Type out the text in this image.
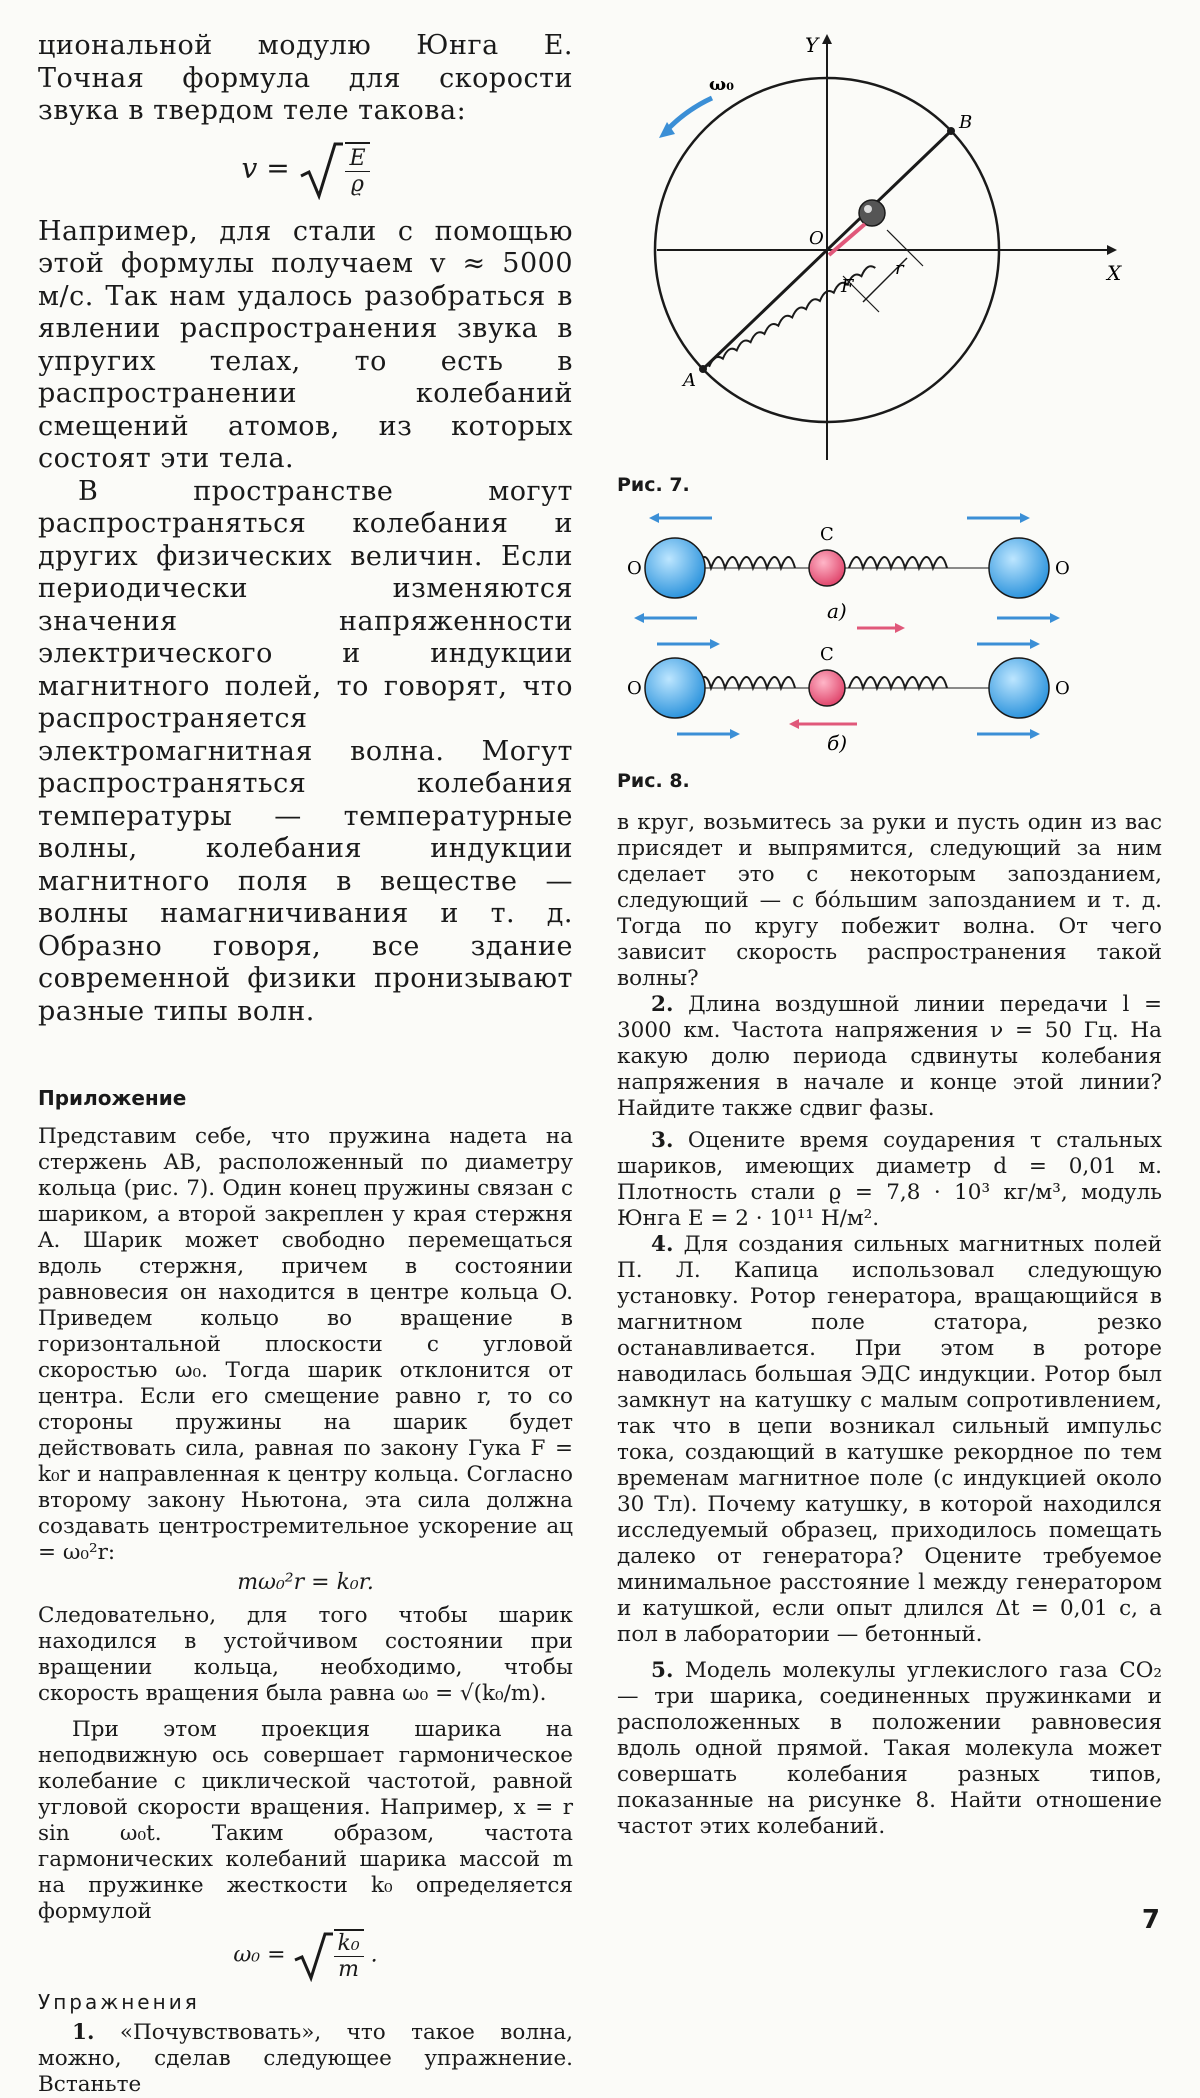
циональной модулю Юнга E. Точная формула для скорости звука в твердом теле такова:

v =	$\frac{E}{ϱ}$

Например, для стали с помощью этой формулы получаем v ≈ 5000 м/с. Так нам удалось разобраться в явлении распространения звука в упругих телах, то есть в распространении колебаний смещений атомов, из которых состоят эти тела.

В пространстве могут распространяться колебания и других физических величин. Если периодически изменяются значения напряженности электрического и индукции магнитного полей, то говорят, что распространяется электромагнитная волна. Могут распространяться колебания температуры — температурные волны, колебания индукции магнитного поля в веществе — волны намагничивания и т. д. Образно говоря, все здание современной физики пронизывают разные типы волн.

Приложение

Представим себе, что пружина надета на стержень AB, расположенный по диаметру кольца (рис. 7). Один конец пружины связан с шариком, а второй закреплен у края стержня A. Шарик может свободно перемещаться вдоль стержня, причем в состоянии равновесия он находится в центре кольца O. Приведем кольцо во вращение в горизонтальной плоскости с угловой скоростью ω₀. Тогда шарик отклонится от центра. Если его смещение равно r, то со стороны пружины на шарик будет действовать сила, равная по закону Гука F = k₀r и направленная к центру кольца. Согласно второму закону Ньютона, эта сила должна создавать центростремительное ускорение aц = ω₀²r:

mω₀²r = k₀r.

Следовательно, для того чтобы шарик находился в устойчивом состоянии при вращении кольца, необходимо, чтобы скорость вращения была равна ω₀ = √(k₀/m).

При этом проекция шарика на неподвижную ось совершает гармоническое колебание с циклической частотой, равной угловой скорости вращения. Например, x = r sin ω₀t. Таким образом, частота гармонических колебаний шарика массой m на пружинке жесткости k₀ определяется формулой

$\omega_0 = \frac{\text{k₀}}{m}$ .
Упражнения

1. «Почувствовать», что такое волна, можно, сделав следующее упражнение. Встаньте

Y
X
B
A
O
F
r
ω₀

Рис. 7.

O	O
C
а)
O	O
C
б)

Рис. 8.

в круг, возьмитесь за руки и пусть один из вас присядет и выпрямится, следующий за ним сделает это с некоторым запозданием, следующий — с бóльшим запозданием и т. д. Тогда по кругу побежит волна. От чего зависит скорость распространения такой волны?

2. Длина воздушной линии передачи l = 3000 км. Частота напряжения ν = 50 Гц. На какую долю периода сдвинуты колебания напряжения в начале и конце этой линии? Найдите также сдвиг фазы.

3. Оцените время соударения τ стальных шариков, имеющих диаметр d = 0,01 м. Плотность стали ϱ = 7,8 · 10³ кг/м³, модуль Юнга E = 2 · 10¹¹ Н/м².

4. Для создания сильных магнитных полей П. Л. Капица использовал следующую установку. Ротор генератора, вращающийся в магнитном поле статора, резко останавливается. При этом в роторе наводилась большая ЭДС индукции. Ротор был замкнут на катушку с малым сопротивлением, так что в цепи возникал сильный импульс тока, создающий в катушке рекордное по тем временам магнитное поле (с индукцией около 30 Тл). Почему катушку, в которой находился исследуемый образец, приходилось помещать далеко от генератора? Оцените требуемое минимальное расстояние l между генератором и катушкой, если опыт длился Δt = 0,01 с, а пол в лаборатории — бетонный.

5. Модель молекулы углекислого газа CO₂ — три шарика, соединенных пружинками и расположенных в положении равновесия вдоль одной прямой. Такая молекула может совершать колебания разных типов, показанные на рисунке 8. Найти отношение частот этих колебаний.

7
